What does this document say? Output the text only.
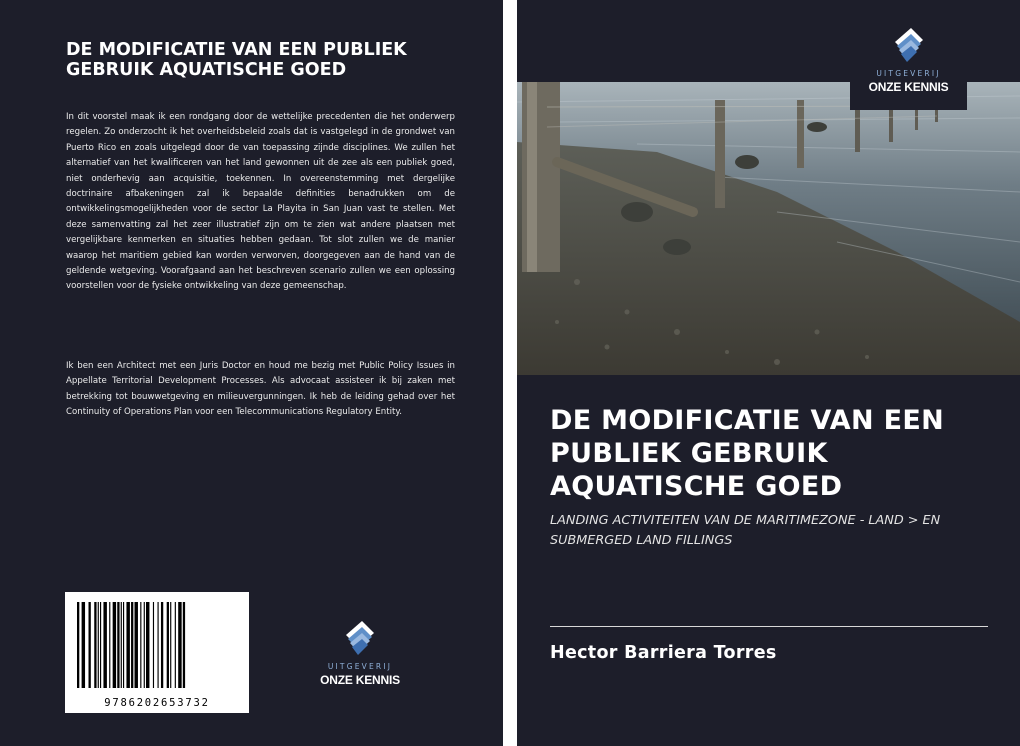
DE MODIFICATIE VAN EEN PUBLIEK GEBRUIK AQUATISCHE GOED

In dit voorstel maak ik een rondgang door de wettelijke precedenten die het onderwerp regelen. Zo onderzocht ik het overheidsbeleid zoals dat is vastgelegd in de grondwet van Puerto Rico en zoals uitgelegd door de van toepassing zijnde disciplines. We zullen het alternatief van het kwalificeren van het land gewonnen uit de zee als een publiek goed, niet onderhevig aan acquisitie, toekennen. In overeenstemming met dergelijke doctrinaire afbakeningen zal ik bepaalde definities benadrukken om de ontwikkelingsmogelijkheden voor de sector La Playita in San Juan vast te stellen. Met deze samenvatting zal het zeer illustratief zijn om te zien wat andere plaatsen met vergelijkbare kenmerken en situaties hebben gedaan. Tot slot zullen we de manier waarop het maritiem gebied kan worden verworven, doorgegeven aan de hand van de geldende wetgeving. Voorafgaand aan het beschreven scenario zullen we een oplossing voorstellen voor de fysieke ontwikkeling van deze gemeenschap.

Ik ben een Architect met een Juris Doctor en houd me bezig met Public Policy Issues in Appellate Territorial Development Processes. Als advocaat assisteer ik bij zaken met betrekking tot bouwwetgeving en milieuvergunningen. Ik heb de leiding gehad over het Continuity of Operations Plan voor een Telecommunications Regulatory Entity.

9786202653732
UITGEVERIJ
ONZE KENNIS
UITGEVERIJ
ONZE KENNIS
DE MODIFICATIE VAN EEN PUBLIEK GEBRUIK AQUATISCHE GOED

LANDING ACTIVITEITEN VAN DE MARITIMEZONE - LAND > EN SUBMERGED LAND FILLINGS

Hector Barriera Torres
